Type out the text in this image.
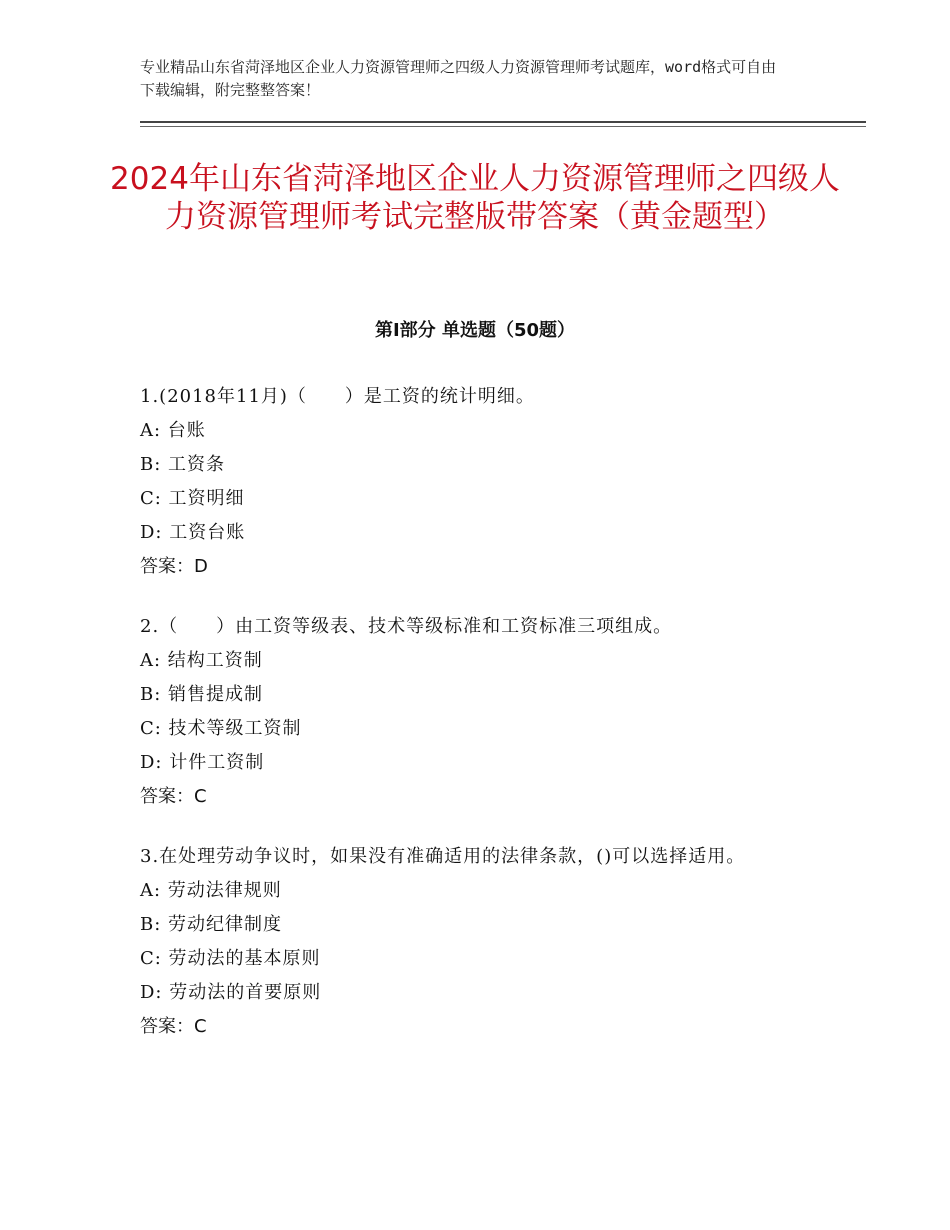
专业精品山东省菏泽地区企业人力资源管理师之四级人力资源管理师考试题库，word格式可自由下载编辑，附完整整答案！
2024年山东省菏泽地区企业人力资源管理师之四级人力资源管理师考试完整版带答案（黄金题型）
第Ⅰ部分 单选题（50题）
1.(2018年11月)（　　）是工资的统计明细。
A: 台账
B: 工资条
C: 工资明细
D: 工资台账
答案：D
2.（　　）由工资等级表、技术等级标准和工资标准三项组成。
A: 结构工资制
B: 销售提成制
C: 技术等级工资制
D: 计件工资制
答案：C
3.在处理劳动争议时，如果没有准确适用的法律条款，()可以选择适用。
A: 劳动法律规则
B: 劳动纪律制度
C: 劳动法的基本原则
D: 劳动法的首要原则
答案：C
